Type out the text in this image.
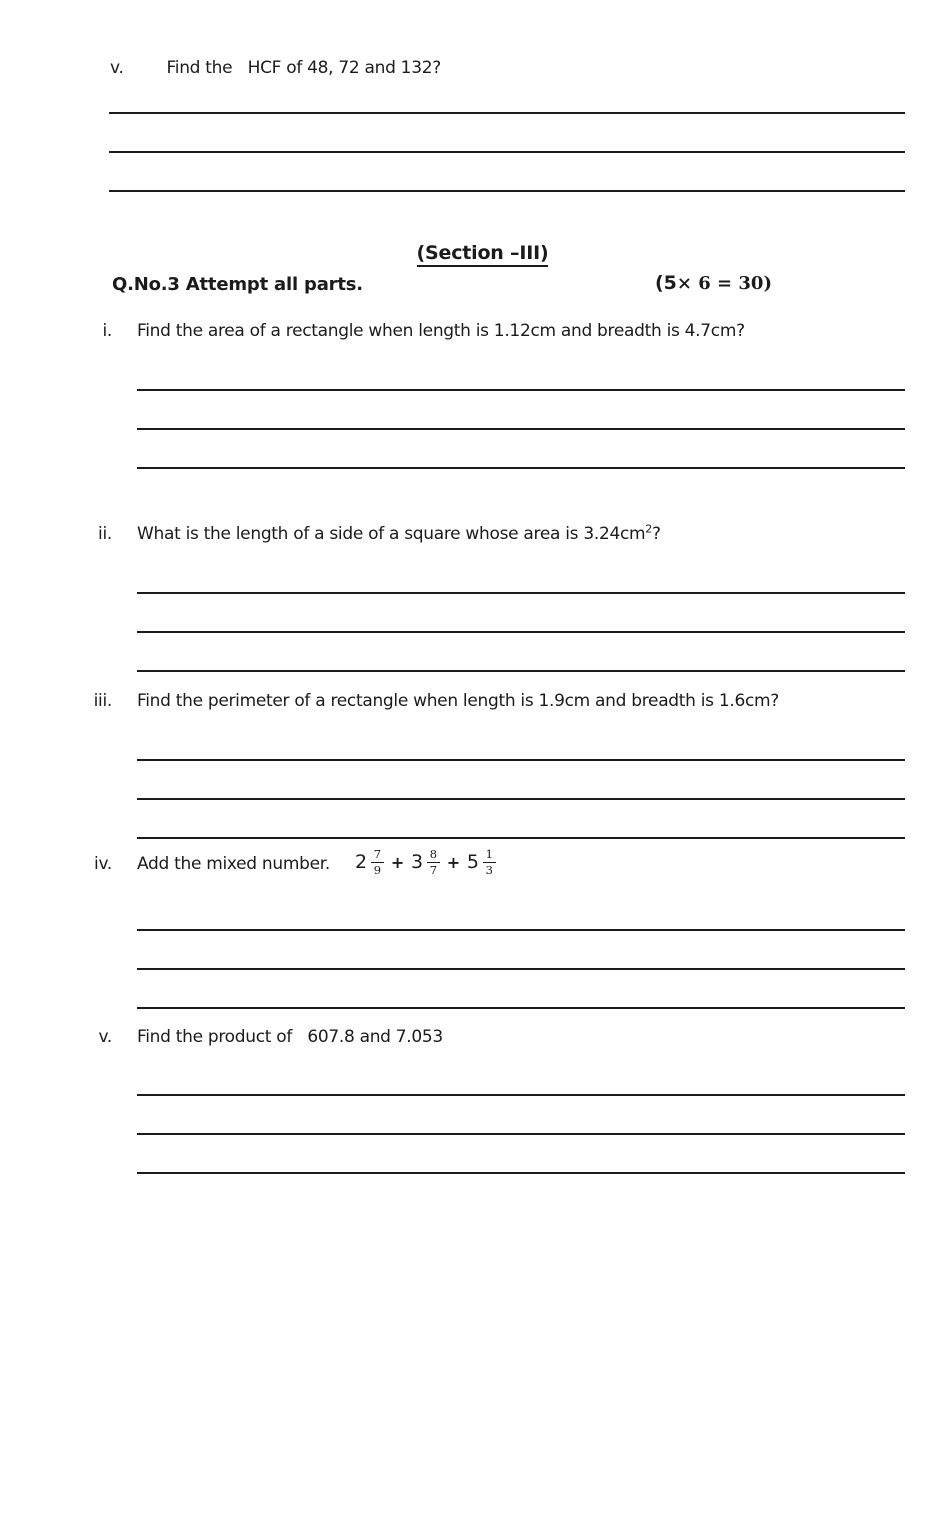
v.	Find the   HCF of 48, 72 and 132?
(Section –III)
Q.No.3 Attempt all parts.	(5× 6 = 30)
i. Find the area of a rectangle when length is 1.12cm and breadth is 4.7cm?
ii. What is the length of a side of a square whose area is $3.24cm^2$?
iii. Find the perimeter of a rectangle when length is 1.9cm and breadth is 1.6cm?
iv. Add the mixed number. $2 \frac{7}{9} + 3 \frac{8}{7} + 5 \frac{1}{3}$
v. Find the product of   607.8 and 7.053
